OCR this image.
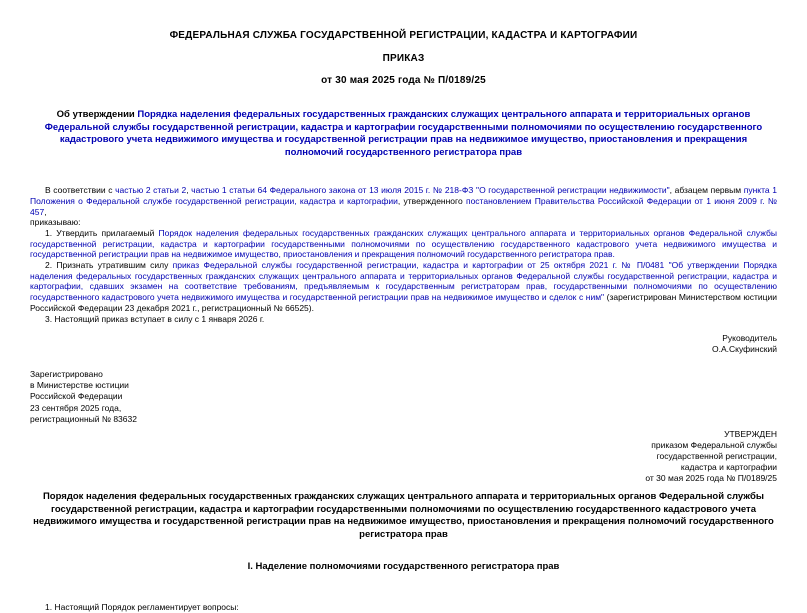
ФЕДЕРАЛЬНАЯ СЛУЖБА ГОСУДАРСТВЕННОЙ РЕГИСТРАЦИИ, КАДАСТРА И КАРТОГРАФИИ
ПРИКАЗ
от 30 мая 2025 года № П/0189/25
Об утверждении Порядка наделения федеральных государственных гражданских служащих центрального аппарата и территориальных органов Федеральной службы государственной регистрации, кадастра и картографии государственными полномочиями по осуществлению государственного кадастрового учета недвижимого имущества и государственной регистрации прав на недвижимое имущество, приостановления и прекращения полномочий государственного регистратора прав
В соответствии с частью 2 статьи 2, частью 1 статьи 64 Федерального закона от 13 июля 2015 г. № 218-ФЗ "О государственной регистрации недвижимости", абзацем первым пункта 1 Положения о Федеральной службе государственной регистрации, кадастра и картографии, утвержденного постановлением Правительства Российской Федерации от 1 июня 2009 г. № 457,
приказываю:
1. Утвердить прилагаемый Порядок наделения федеральных государственных гражданских служащих центрального аппарата и территориальных органов Федеральной службы государственной регистрации, кадастра и картографии государственными полномочиями по осуществлению государственного кадастрового учета недвижимого имущества и государственной регистрации прав на недвижимое имущество, приостановления и прекращения полномочий государственного регистратора прав.
2. Признать утратившим силу приказ Федеральной службы государственной регистрации, кадастра и картографии от 25 октября 2021 г. № П/0481 "Об утверждении Порядка наделения федеральных государственных гражданских служащих центрального аппарата и территориальных органов Федеральной службы государственной регистрации, кадастра и картографии, сдавших экзамен на соответствие требованиям, предъявляемым к государственным регистраторам прав, государственными полномочиями по осуществлению государственного кадастрового учета недвижимого имущества и государственной регистрации прав на недвижимое имущество и сделок с ним" (зарегистрирован Министерством юстиции Российской Федерации 23 декабря 2021 г., регистрационный № 66525).
3. Настоящий приказ вступает в силу с 1 января 2026 г.
Руководитель
О.А.Скуфинский
Зарегистрировано
в Министерстве юстиции
Российской Федерации
23 сентября 2025 года,
регистрационный № 83632
УТВЕРЖДЕН
приказом Федеральной службы
государственной регистрации,
кадастра и картографии
от 30 мая 2025 года № П/0189/25
Порядок наделения федеральных государственных гражданских служащих центрального аппарата и территориальных органов Федеральной службы государственной регистрации, кадастра и картографии государственными полномочиями по осуществлению государственного кадастрового учета недвижимого имущества и государственной регистрации прав на недвижимое имущество, приостановления и прекращения полномочий государственного регистратора прав
I. Наделение полномочиями государственного регистратора прав
1. Настоящий Порядок регламентирует вопросы:
